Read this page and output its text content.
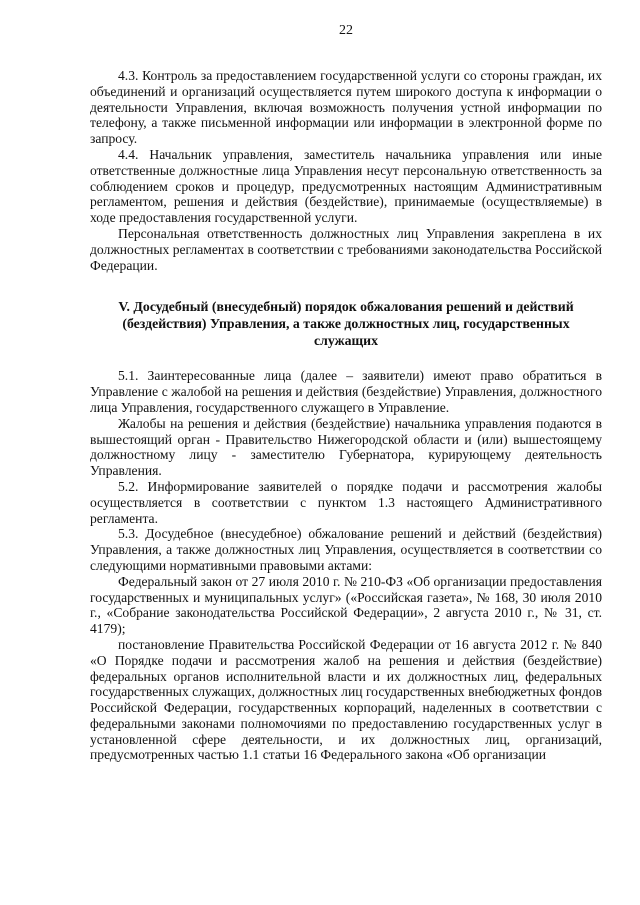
22

4.3. Контроль за предоставлением государственной услуги со стороны граждан, их объединений и организаций осуществляется путем широкого доступа к информации о деятельности Управления, включая возможность получения устной информации по телефону, а также письменной информации или информации в электронной форме по запросу.

4.4. Начальник управления, заместитель начальника управления или иные ответственные должностные лица Управления несут персональную ответственность за соблюдением сроков и процедур, предусмотренных настоящим Административным регламентом, решения и действия (бездействие), принимаемые (осуществляемые) в ходе предоставления государственной услуги.

Персональная ответственность должностных лиц Управления закреплена в их должностных регламентах в соответствии с требованиями законодательства Российской Федерации.

V. Досудебный (внесудебный) порядок обжалования решений и действий (бездействия) Управления, а также должностных лиц, государственных служащих

5.1. Заинтересованные лица (далее – заявители) имеют право обратиться в Управление с жалобой на решения и действия (бездействие) Управления, должностного лица Управления, государственного служащего в Управление.

Жалобы на решения и действия (бездействие) начальника управления подаются в вышестоящий орган - Правительство Нижегородской области и (или) вышестоящему должностному лицу - заместителю Губернатора, курирующему деятельность Управления.

5.2. Информирование заявителей о порядке подачи и рассмотрения жалобы осуществляется в соответствии с пунктом 1.3 настоящего Административного регламента.

5.3. Досудебное (внесудебное) обжалование решений и действий (бездействия) Управления, а также должностных лиц Управления, осуществляется в соответствии со следующими нормативными правовыми актами:

Федеральный закон от 27 июля 2010 г. № 210-ФЗ «Об организации предоставления государственных и муниципальных услуг» («Российская газета», № 168, 30 июля 2010 г., «Собрание законодательства Российской Федерации», 2 августа 2010 г., № 31, ст. 4179);

постановление Правительства Российской Федерации от 16 августа 2012 г. № 840 «О Порядке подачи и рассмотрения жалоб на решения и действия (бездействие) федеральных органов исполнительной власти и их должностных лиц, федеральных государственных служащих, должностных лиц государственных внебюджетных фондов Российской Федерации, государственных корпораций, наделенных в соответствии с федеральными законами полномочиями по предоставлению государственных услуг в установленной сфере деятельности, и их должностных лиц, организаций, предусмотренных частью 1.1 статьи 16 Федерального закона «Об организации
